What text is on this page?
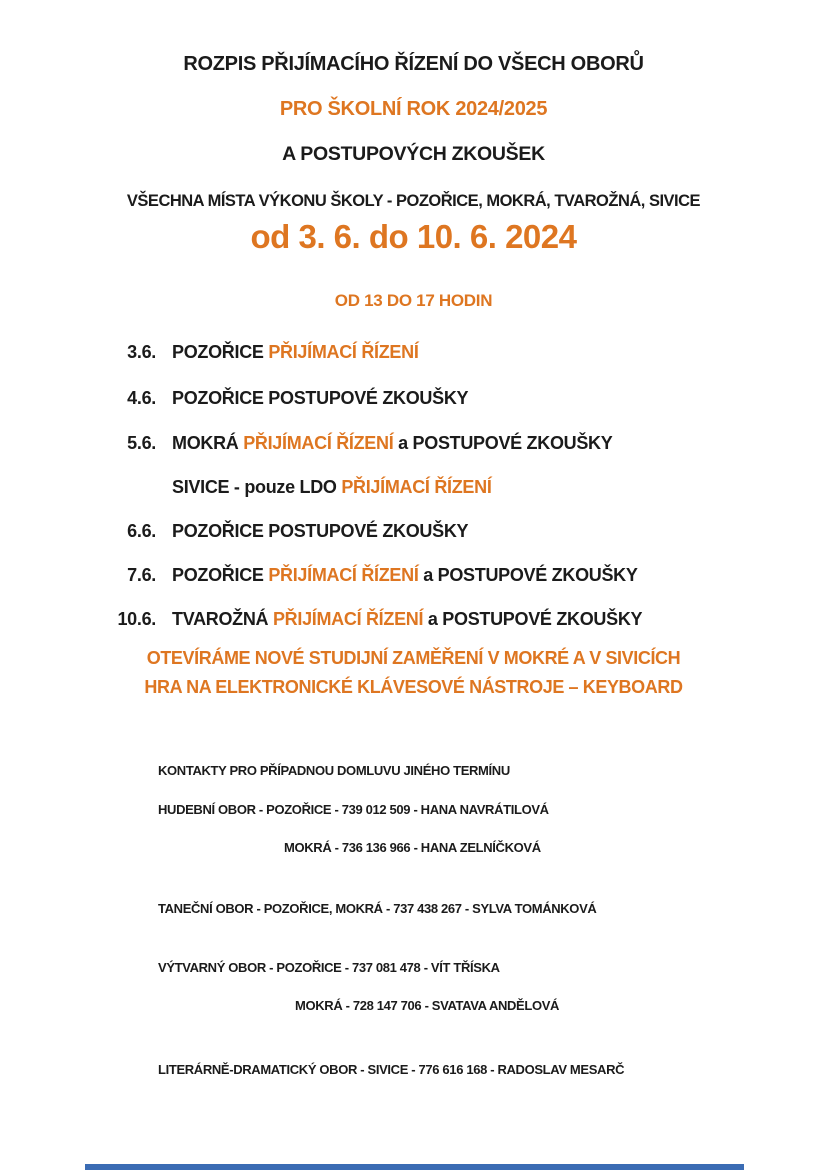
ROZPIS PŘIJÍMACÍHO ŘÍZENÍ DO VŠECH OBORŮ
PRO ŠKOLNÍ ROK 2024/2025
A POSTUPOVÝCH ZKOUŠEK
VŠECHNA MÍSTA VÝKONU ŠKOLY - POZOŘICE, MOKRÁ, TVAROŽNÁ, SIVICE
od 3. 6. do 10. 6. 2024
OD 13 DO 17 HODIN
3.6. POZOŘICE PŘIJÍMACÍ ŘÍZENÍ
4.6. POZOŘICE POSTUPOVÉ ZKOUŠKY
5.6. MOKRÁ PŘIJÍMACÍ ŘÍZENÍ a POSTUPOVÉ ZKOUŠKY
SIVICE - pouze LDO PŘIJÍMACÍ ŘÍZENÍ
6.6. POZOŘICE POSTUPOVÉ ZKOUŠKY
7.6. POZOŘICE PŘIJÍMACÍ ŘÍZENÍ a POSTUPOVÉ ZKOUŠKY
10.6. TVAROŽNÁ PŘIJÍMACÍ ŘÍZENÍ a POSTUPOVÉ ZKOUŠKY
OTEVÍRÁME NOVÉ STUDIJNÍ ZAMĚŘENÍ V MOKRÉ A V SIVICÍCH
HRA NA ELEKTRONICKÉ KLÁVESOVÉ NÁSTROJE – KEYBOARD
KONTAKTY PRO PŘÍPADNOU DOMLUVU JINÉHO TERMÍNU
HUDEBNÍ OBOR - POZOŘICE - 739 012 509 - HANA NAVRÁTILOVÁ
MOKRÁ - 736 136 966 - HANA ZELNÍČKOVÁ
TANEČNÍ OBOR - POZOŘICE, MOKRÁ - 737 438 267 - SYLVA TOMÁNKOVÁ
VÝTVARNÝ OBOR - POZOŘICE - 737 081 478 - VÍT TŘÍSKA
MOKRÁ - 728 147 706 - SVATAVA ANDĚLOVÁ
LITERÁRNĚ-DRAMATICKÝ OBOR - SIVICE - 776 616 168 - RADOSLAV MESARČ
